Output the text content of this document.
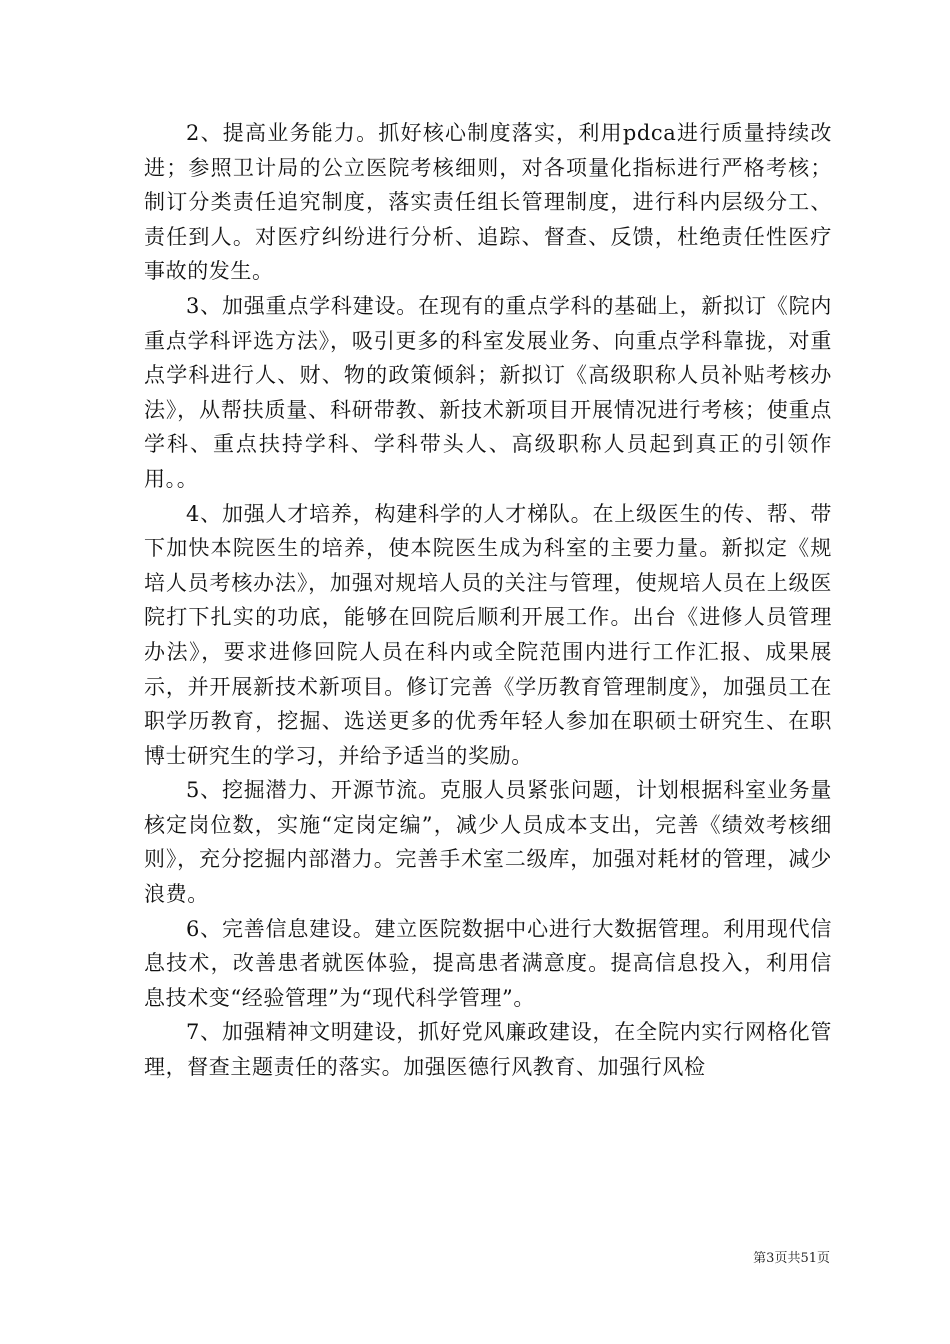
2、提高业务能力。抓好核心制度落实，利用pdca进行质量持续改进；参照卫计局的公立医院考核细则，对各项量化指标进行严格考核；制订分类责任追究制度，落实责任组长管理制度，进行科内层级分工、责任到人。对医疗纠纷进行分析、追踪、督查、反馈，杜绝责任性医疗事故的发生。

3、加强重点学科建设。在现有的重点学科的基础上，新拟订《院内重点学科评选方法》，吸引更多的科室发展业务、向重点学科靠拢，对重点学科进行人、财、物的政策倾斜；新拟订《高级职称人员补贴考核办法》，从帮扶质量、科研带教、新技术新项目开展情况进行考核；使重点学科、重点扶持学科、学科带头人、高级职称人员起到真正的引领作用。。

4、加强人才培养，构建科学的人才梯队。在上级医生的传、帮、带下加快本院医生的培养，使本院医生成为科室的主要力量。新拟定《规培人员考核办法》，加强对规培人员的关注与管理，使规培人员在上级医院打下扎实的功底，能够在回院后顺利开展工作。出台《进修人员管理办法》，要求进修回院人员在科内或全院范围内进行工作汇报、成果展示，并开展新技术新项目。修订完善《学历教育管理制度》，加强员工在职学历教育，挖掘、选送更多的优秀年轻人参加在职硕士研究生、在职博士研究生的学习，并给予适当的奖励。

5、挖掘潜力、开源节流。克服人员紧张问题，计划根据科室业务量核定岗位数，实施“定岗定编”，减少人员成本支出，完善《绩效考核细则》，充分挖掘内部潜力。完善手术室二级库，加强对耗材的管理，减少浪费。

6、完善信息建设。建立医院数据中心进行大数据管理。利用现代信息技术，改善患者就医体验，提高患者满意度。提高信息投入，利用信息技术变“经验管理”为“现代科学管理”。

7、加强精神文明建设，抓好党风廉政建设，在全院内实行网格化管理，督查主题责任的落实。加强医德行风教育、加强行风检

第3页共51页
